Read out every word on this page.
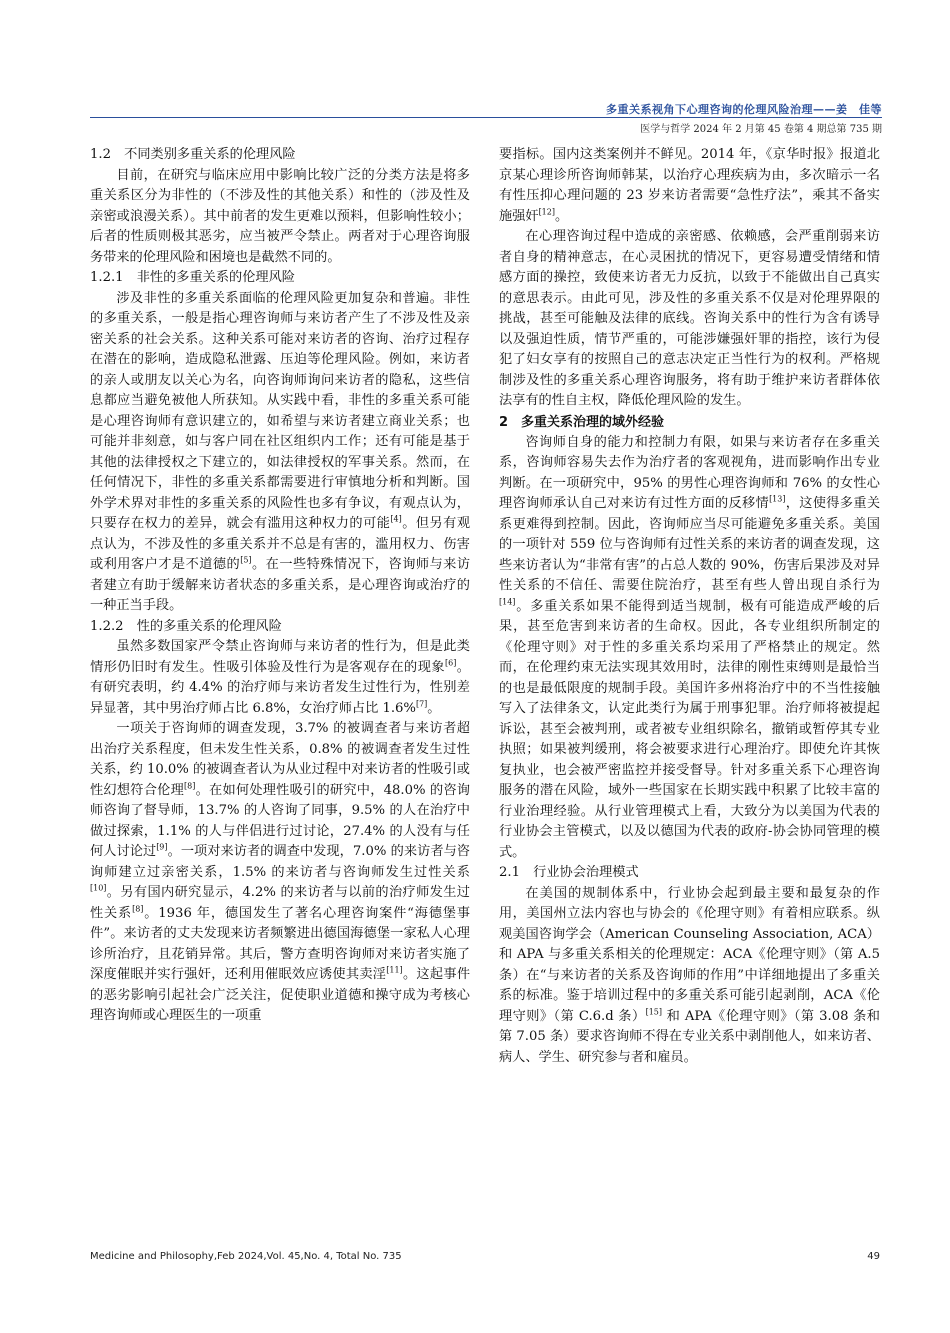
多重关系视角下心理咨询的伦理风险治理——姜　佳等
医学与哲学 2024 年 2 月第 45 卷第 4 期总第 735 期
1.2　不同类别多重关系的伦理风险

目前，在研究与临床应用中影响比较广泛的分类方法是将多重关系区分为非性的（不涉及性的其他关系）和性的（涉及性及亲密或浪漫关系）。其中前者的发生更难以预料，但影响性较小；后者的性质则极其恶劣，应当被严令禁止。两者对于心理咨询服务带来的伦理风险和困境也是截然不同的。

1.2.1　非性的多重关系的伦理风险

涉及非性的多重关系面临的伦理风险更加复杂和普遍。非性的多重关系，一般是指心理咨询师与来访者产生了不涉及性及亲密关系的社会关系。这种关系可能对来访者的咨询、治疗过程存在潜在的影响，造成隐私泄露、压迫等伦理风险。例如，来访者的亲人或朋友以关心为名，向咨询师询问来访者的隐私，这些信息都应当避免被他人所获知。从实践中看，非性的多重关系可能是心理咨询师有意识建立的，如希望与来访者建立商业关系；也可能并非刻意，如与客户同在社区组织内工作；还有可能是基于其他的法律授权之下建立的，如法律授权的军事关系。然而，在任何情况下，非性的多重关系都需要进行审慎地分析和判断。国外学术界对非性的多重关系的风险性也多有争议，有观点认为，只要存在权力的差异，就会有滥用这种权力的可能[4]。但另有观点认为，不涉及性的多重关系并不总是有害的，滥用权力、伤害或利用客户才是不道德的[5]。在一些特殊情况下，咨询师与来访者建立有助于缓解来访者状态的多重关系，是心理咨询或治疗的一种正当手段。

1.2.2　性的多重关系的伦理风险

虽然多数国家严令禁止咨询师与来访者的性行为，但是此类情形仍旧时有发生。性吸引体验及性行为是客观存在的现象[6]。有研究表明，约 4.4% 的治疗师与来访者发生过性行为，性别差异显著，其中男治疗师占比 6.8%，女治疗师占比 1.6%[7]。

一项关于咨询师的调查发现，3.7% 的被调查者与来访者超出治疗关系程度，但未发生性关系，0.8% 的被调查者发生过性关系，约 10.0% 的被调查者认为从业过程中对来访者的性吸引或性幻想符合伦理[8]。在如何处理性吸引的研究中，48.0% 的咨询师咨询了督导师，13.7% 的人咨询了同事，9.5% 的人在治疗中做过探索，1.1% 的人与伴侣进行过讨论，27.4% 的人没有与任何人讨论过[9]。一项对来访者的调查中发现，7.0% 的来访者与咨询师建立过亲密关系，1.5% 的来访者与咨询师发生过性关系[10]。另有国内研究显示，4.2% 的来访者与以前的治疗师发生过性关系[8]。1936 年，德国发生了著名心理咨询案件“海德堡事件”。来访者的丈夫发现来访者频繁进出德国海德堡一家私人心理诊所治疗，且花销异常。其后，警方查明咨询师对来访者实施了深度催眠并实行强奸，还利用催眠效应诱使其卖淫[11]。这起事件的恶劣影响引起社会广泛关注，促使职业道德和操守成为考核心理咨询师或心理医生的一项重

要指标。国内这类案例并不鲜见。2014 年，《京华时报》报道北京某心理诊所咨询师韩某，以治疗心理疾病为由，多次暗示一名有性压抑心理问题的 23 岁来访者需要“急性疗法”，乘其不备实施强奸[12]。

在心理咨询过程中造成的亲密感、依赖感，会严重削弱来访者自身的精神意志，在心灵困扰的情况下，更容易遭受情绪和情感方面的操控，致使来访者无力反抗，以致于不能做出自己真实的意思表示。由此可见，涉及性的多重关系不仅是对伦理界限的挑战，甚至可能触及法律的底线。咨询关系中的性行为含有诱导以及强迫性质，情节严重的，可能涉嫌强奸罪的指控，该行为侵犯了妇女享有的按照自己的意志决定正当性行为的权利。严格规制涉及性的多重关系心理咨询服务，将有助于维护来访者群体依法享有的性自主权，降低伦理风险的发生。

2　多重关系治理的域外经验

咨询师自身的能力和控制力有限，如果与来访者存在多重关系，咨询师容易失去作为治疗者的客观视角，进而影响作出专业判断。在一项研究中，95% 的男性心理咨询师和 76% 的女性心理咨询师承认自己对来访有过性方面的反移情[13]，这使得多重关系更难得到控制。因此，咨询师应当尽可能避免多重关系。美国的一项针对 559 位与咨询师有过性关系的来访者的调查发现，这些来访者认为“非常有害”的占总人数的 90%，伤害后果涉及对异性关系的不信任、需要住院治疗，甚至有些人曾出现自杀行为[14]。多重关系如果不能得到适当规制，极有可能造成严峻的后果，甚至危害到来访者的生命权。因此，各专业组织所制定的《伦理守则》对于性的多重关系均采用了严格禁止的规定。然而，在伦理约束无法实现其效用时，法律的刚性束缚则是最恰当的也是最低限度的规制手段。美国许多州将治疗中的不当性接触写入了法律条文，认定此类行为属于刑事犯罪。治疗师将被提起诉讼，甚至会被判刑，或者被专业组织除名，撤销或暂停其专业执照；如果被判缓刑，将会被要求进行心理治疗。即使允许其恢复执业，也会被严密监控并接受督导。针对多重关系下心理咨询服务的潜在风险，域外一些国家在长期实践中积累了比较丰富的行业治理经验。从行业管理模式上看，大致分为以美国为代表的行业协会主管模式，以及以德国为代表的政府-协会协同管理的模式。

2.1　行业协会治理模式

在美国的规制体系中，行业协会起到最主要和最复杂的作用，美国州立法内容也与协会的《伦理守则》有着相应联系。纵观美国咨询学会（American Counseling Association, ACA）和 APA 与多重关系相关的伦理规定：ACA《伦理守则》（第 A.5 条）在“与来访者的关系及咨询师的作用”中详细地提出了多重关系的标准。鉴于培训过程中的多重关系可能引起剥削，ACA《伦理守则》（第 C.6.d 条）[15] 和 APA《伦理守则》（第 3.08 条和第 7.05 条）要求咨询师不得在专业关系中剥削他人，如来访者、病人、学生、研究参与者和雇员。

Medicine and Philosophy,Feb 2024,Vol. 45,No. 4, Total No. 735	49
